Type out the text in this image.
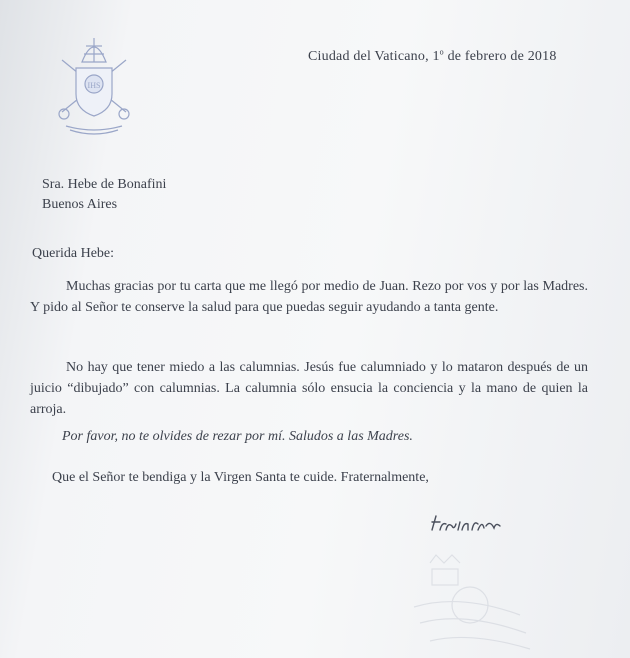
IHS
Ciudad del Vaticano, 1$^o$ de febrero de 2018
Sra. Hebe de Bonafini
Buenos Aires
Querida Hebe:
Muchas gracias por tu carta que me llegó por medio de Juan. Rezo por vos y por las Madres. Y pido al Señor te conserve la salud para que puedas seguir ayudando a tanta gente.
No hay que tener miedo a las calumnias. Jesús fue calumniado y lo mataron después de un juicio “dibujado” con calumnias. La calumnia sólo ensucia la conciencia y la mano de quien la arroja.
Por favor, no te olvides de rezar por mí. Saludos a las Madres.
Que el Señor te bendiga y la Virgen Santa te cuide. Fraternalmente,
